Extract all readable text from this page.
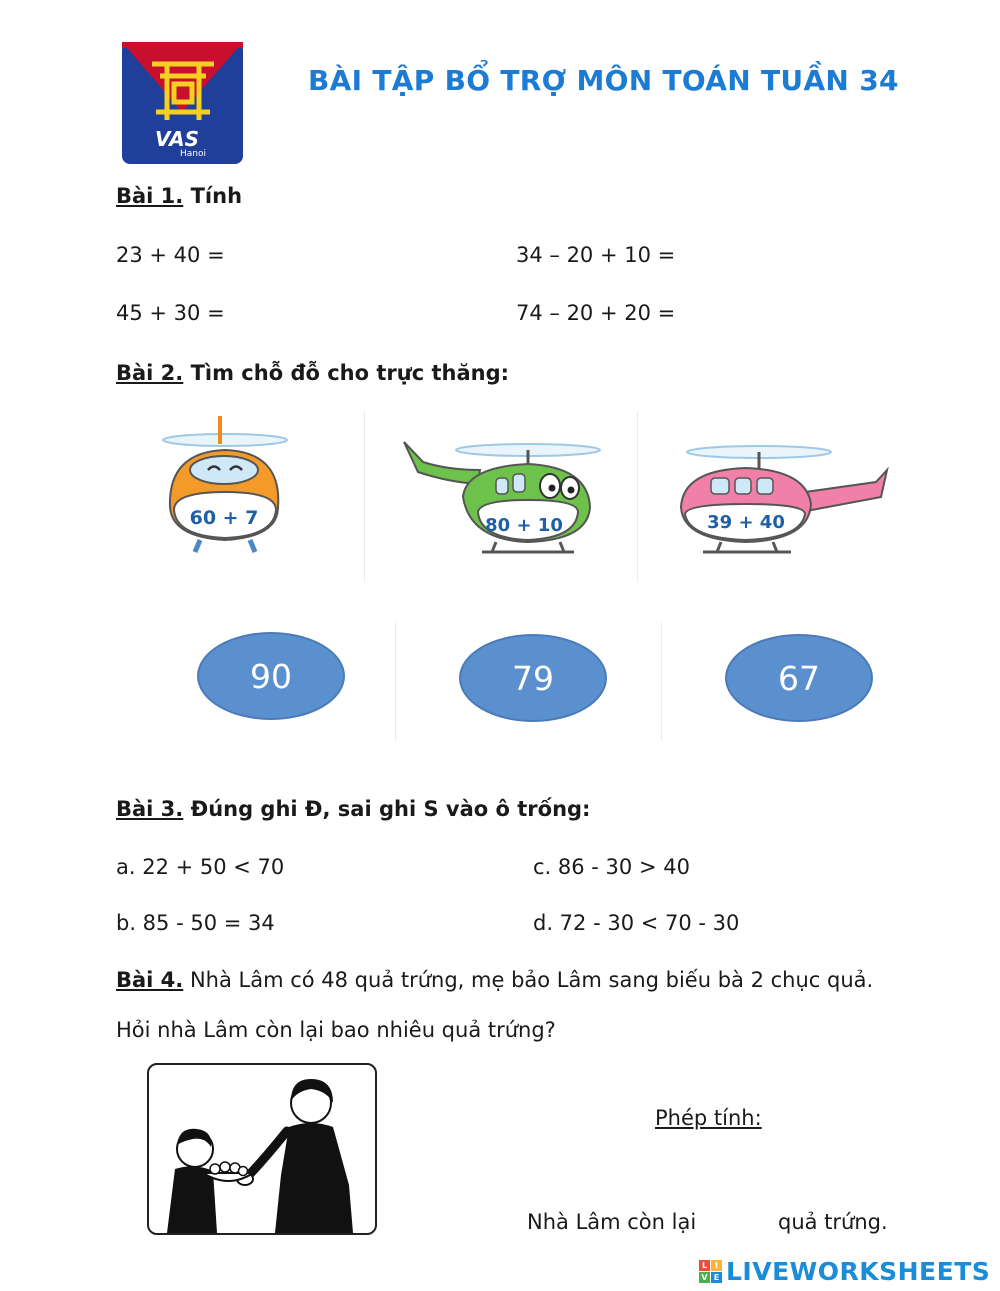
VAS
Hanoi
BÀI TẬP BỔ TRỢ MÔN TOÁN TUẦN 34
Bài 1. Tính
23 + 40 =	34 – 20 + 10 =
45 + 30 =	74 – 20 + 20 =
Bài 2. Tìm chỗ đỗ cho trực thăng:
60 + 7	80 + 10	39 + 40
90	79	67
Bài 3. Đúng ghi Đ, sai ghi S vào ô trống:
a. 22 + 50 < 70	c. 86 - 30 > 40
b. 85 - 50 = 34	d. 72 - 30 < 70 - 30
Bài 4. Nhà Lâm có 48 quả trứng, mẹ bảo Lâm sang biếu bà 2 chục quả.
Hỏi nhà Lâm còn lại bao nhiêu quả trứng?
Phép tính:
Nhà Lâm còn lại	quả trứng.
L I
V E LIVEWORKSHEETS
